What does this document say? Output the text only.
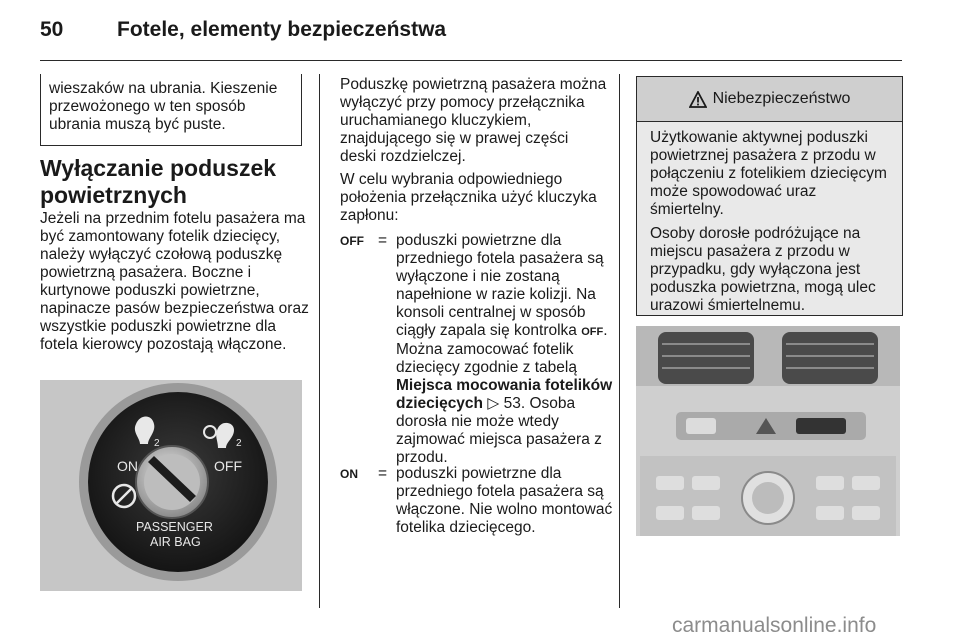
50	Fotele, elementy bezpieczeństwa

wieszaków na ubrania. Kieszenie przewożonego w ten sposób ubrania muszą być puste.

Wyłączanie poduszek powietrznych

Jeżeli na przednim fotelu pasażera ma być zamontowany fotelik dziecięcy, należy wyłączyć czołową poduszkę powietrzną pasażera. Boczne i kurtynowe poduszki powietrzne, napinacze pasów bezpieczeństwa oraz wszystkie poduszki powietrzne dla fotela kierowcy pozostają włączone.

2
ON
2
OFF
PASSENGER
AIR BAG

Poduszkę powietrzną pasażera można wyłączyć przy pomocy przełącznika uruchamianego kluczykiem, znajdującego się w prawej części deski rozdzielczej.

W celu wybrania odpowiedniego położenia przełącznika użyć kluczyka zapłonu:

OFF = poduszki powietrzne dla przedniego fotela pasażera są wyłączone i nie zostaną napełnione w razie kolizji. Na konsoli centralnej w sposób ciągły zapala się kontrolka OFF. Można zamocować fotelik dziecięcy zgodnie z tabelą Miejsca mocowania fotelików dziecięcych ▷ 53. Osoba dorosła nie może wtedy zajmować miejsca pasażera z przodu.

ON	= poduszki powietrzne dla przedniego fotela pasażera są włączone. Nie wolno montować fotelika dziecięcego.

Niebezpieczeństwo

Użytkowanie aktywnej poduszki powietrznej pasażera z przodu w połączeniu z fotelikiem dziecięcym może spowodować uraz śmiertelny.

Osoby dorosłe podróżujące na miejscu pasażera z przodu w przypadku, gdy wyłączona jest poduszka powietrzna, mogą ulec urazowi śmiertelnemu.

carmanualsonline.info
